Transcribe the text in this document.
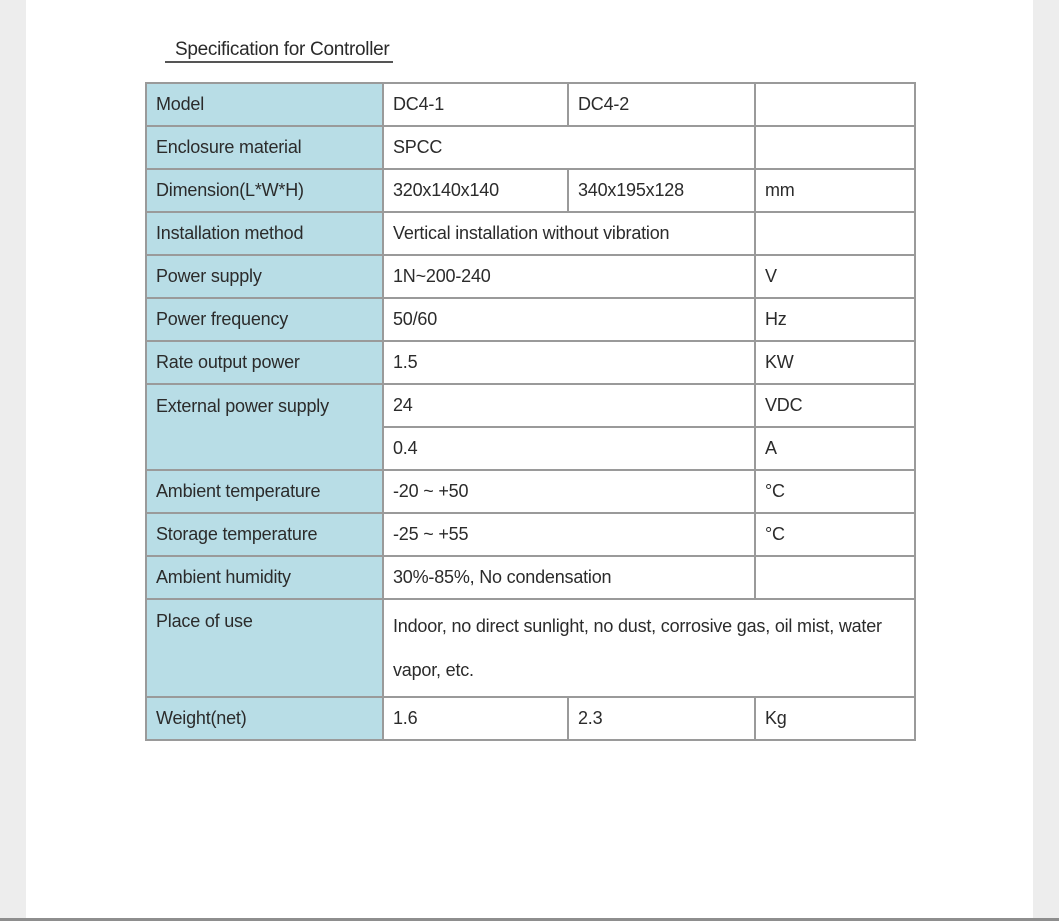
Specification for Controller
Model	DC4-1	DC4-2	
Enclosure material	SPCC		
Dimension(L*W*H)	320x140x140	340x195x128	mm
Installation method	Vertical installation without vibration		
Power supply	1N~200-240		V
Power frequency	50/60		Hz
Rate output power	1.5		KW
External power supply	24		VDC
	0.4		A
Ambient temperature	-20 ~ +50		°C
Storage temperature	-25 ~ +55		°C
Ambient humidity	30%-85%, No condensation		
Place of use	Indoor, no direct sunlight, no dust, corrosive gas, oil mist, water vapor, etc.		
Weight(net)	1.6	2.3	Kg
